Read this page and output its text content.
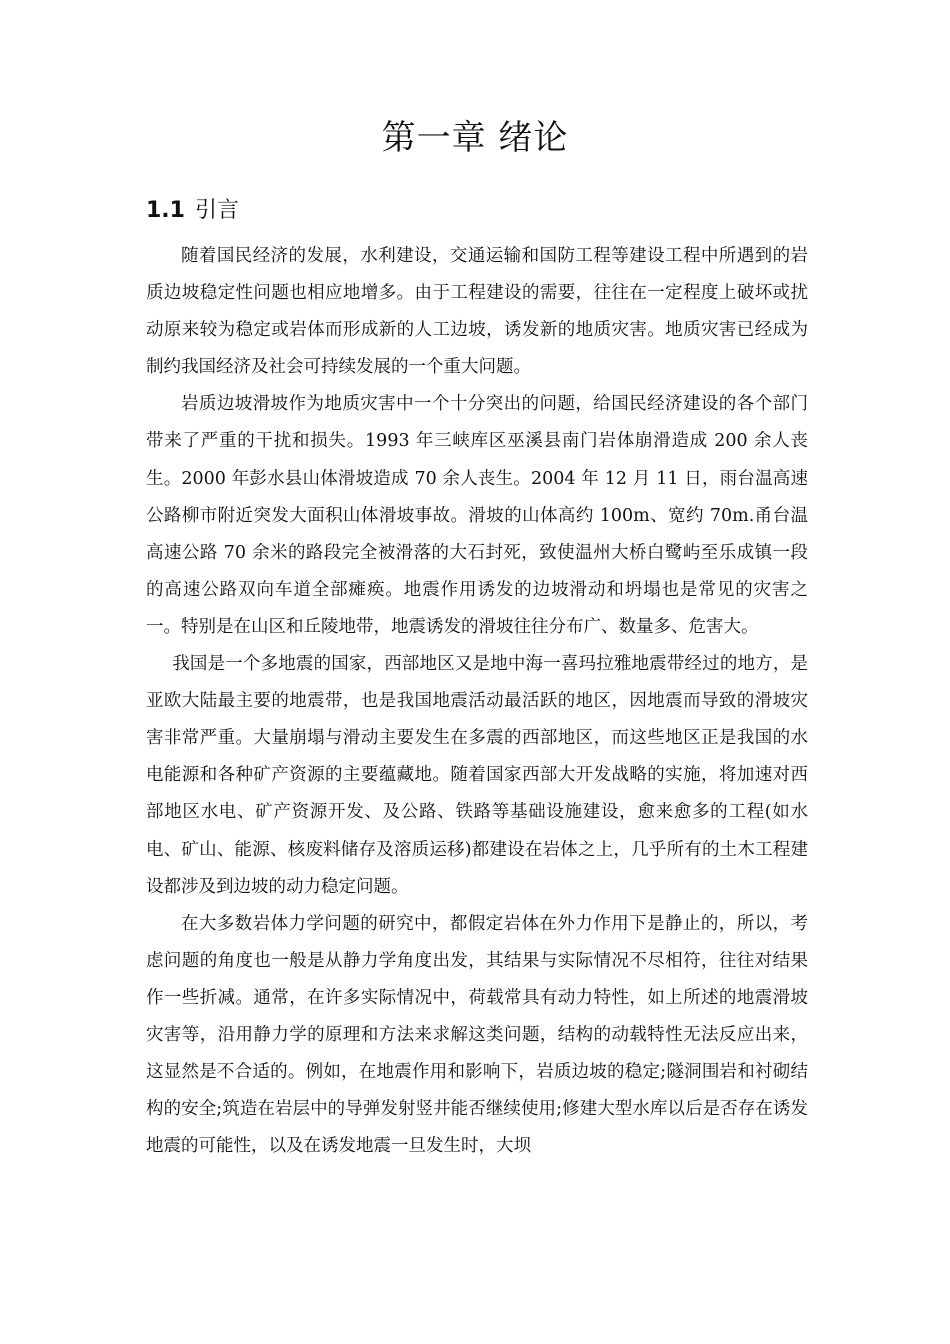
第一章 绪论
1.1 引言

随着国民经济的发展，水利建设，交通运输和国防工程等建设工程中所遇到的岩质边坡稳定性问题也相应地增多。由于工程建设的需要，往往在一定程度上破坏或扰动原来较为稳定或岩体而形成新的人工边坡，诱发新的地质灾害。地质灾害已经成为制约我国经济及社会可持续发展的一个重大问题。

岩质边坡滑坡作为地质灾害中一个十分突出的问题，给国民经济建设的各个部门带来了严重的干扰和损失。1993 年三峡库区巫溪县南门岩体崩滑造成 200 余人丧生。2000 年彭水县山体滑坡造成 70 余人丧生。2004 年 12 月 11 日，雨台温高速公路柳市附近突发大面积山体滑坡事故。滑坡的山体高约 100m、宽约 70m.甬台温高速公路 70 余米的路段完全被滑落的大石封死，致使温州大桥白鹭屿至乐成镇一段的高速公路双向车道全部瘫痪。地震作用诱发的边坡滑动和坍塌也是常见的灾害之一。特别是在山区和丘陵地带，地震诱发的滑坡往往分布广、数量多、危害大。

我国是一个多地震的国家，西部地区又是地中海一喜玛拉雅地震带经过的地方，是亚欧大陆最主要的地震带，也是我国地震活动最活跃的地区，因地震而导致的滑坡灾害非常严重。大量崩塌与滑动主要发生在多震的西部地区，而这些地区正是我国的水电能源和各种矿产资源的主要蕴藏地。随着国家西部大开发战略的实施，将加速对西部地区水电、矿产资源开发、及公路、铁路等基础设施建设，愈来愈多的工程(如水电、矿山、能源、核废料储存及溶质运移)都建设在岩体之上，几乎所有的土木工程建设都涉及到边坡的动力稳定问题。

在大多数岩体力学问题的研究中，都假定岩体在外力作用下是静止的，所以，考虑问题的角度也一般是从静力学角度出发，其结果与实际情况不尽相符，往往对结果作一些折减。通常，在许多实际情况中，荷载常具有动力特性，如上所述的地震滑坡灾害等，沿用静力学的原理和方法来求解这类问题，结构的动载特性无法反应出来，这显然是不合适的。例如，在地震作用和影响下，岩质边坡的稳定;隧洞围岩和衬砌结构的安全;筑造在岩层中的导弹发射竖井能否继续使用;修建大型水库以后是否存在诱发地震的可能性，以及在诱发地震一旦发生时，大坝
